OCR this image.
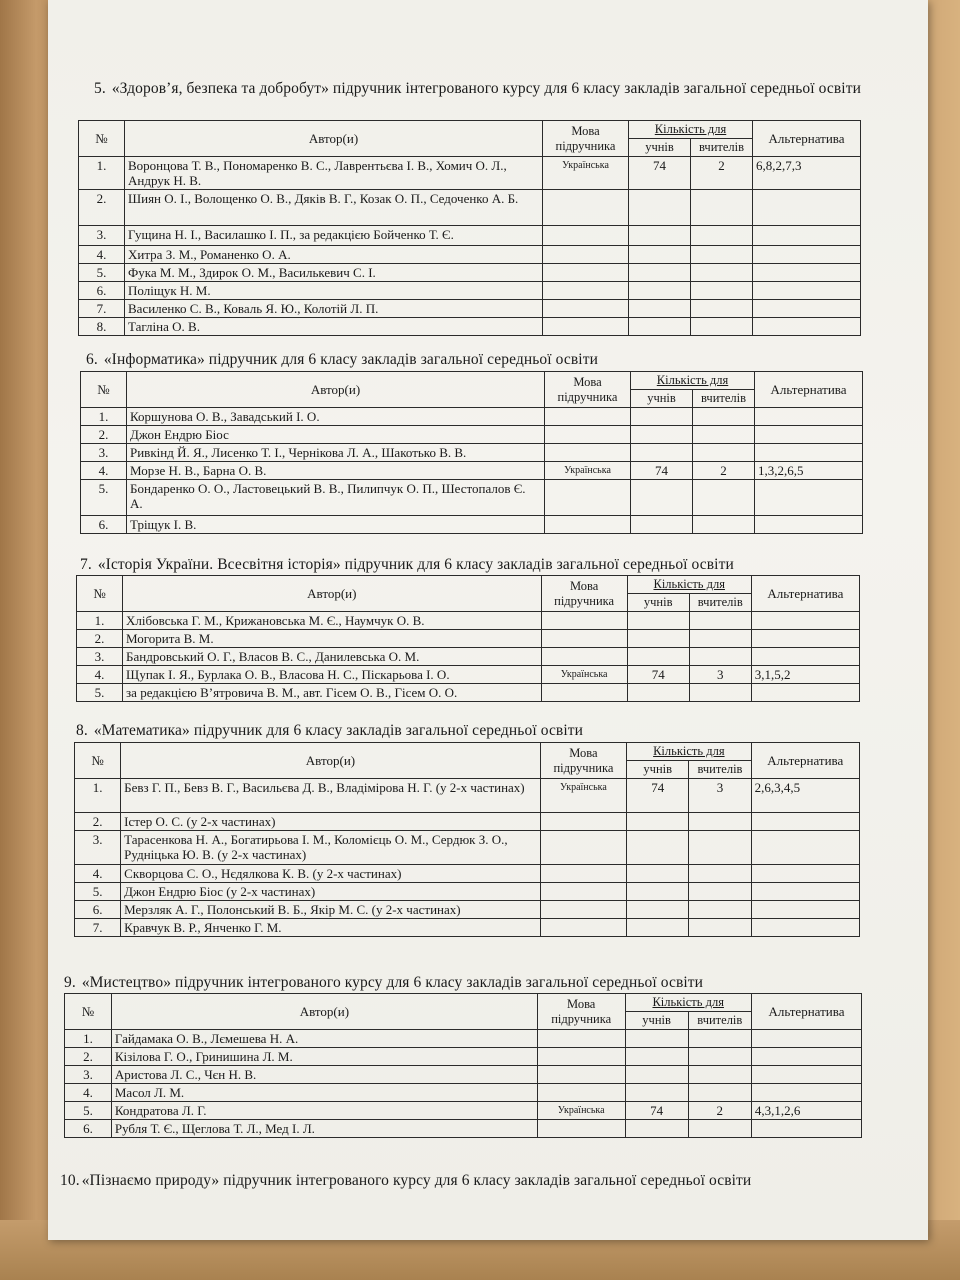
5. «Здоров’я, безпека та добробут» підручник інтегрованого курсу для 6 класу закладів загальної середньої освіти
№	Автор(и)	Мова підручника	Кількість для		Альтернатива
			учнів	вчителів	
1.	Воронцова Т. В., Пономаренко В. С., Лаврентьєва І. В., Хомич О. Л., Андрук Н. В.	Українська	74	2	6,8,2,7,3
2.	Шиян О. І., Волощенко О. В., Дяків В. Г., Козак О. П., Седоченко А. Б.				
3.	Гущина Н. І., Василашко І. П., за редакцією Бойченко Т. Є.				
4.	Хитра З. М., Романенко О. А.				
5.	Фука М. М., Здирок О. М., Василькевич С. І.				
6.	Поліщук Н. М.				
7.	Василенко С. В., Коваль Я. Ю., Колотій Л. П.				
8.	Тагліна О. В.				
6. «Інформатика» підручник для 6 класу закладів загальної середньої освіти
№	Автор(и)	Мова підручника	Кількість для		Альтернатива
			учнів	вчителів	
1.	Коршунова О. В., Завадський І. О.				
2.	Джон Ендрю Біос				
3.	Ривкінд Й. Я., Лисенко Т. І., Чернікова Л. А., Шакотько В. В.				
4.	Морзе Н. В., Барна О. В.	Українська	74	2	1,3,2,6,5
5.	Бондаренко О. О., Ластовецький В. В., Пилипчук О. П., Шестопалов Є. А.				
6.	Тріщук І. В.				
7. «Історія України. Всесвітня історія» підручник для 6 класу закладів загальної середньої освіти
№	Автор(и)	Мова підручника	Кількість для		Альтернатива
			учнів	вчителів	
1.	Хлібовська Г. М., Крижановська М. Є., Наумчук О. В.				
2.	Могорита В. М.				
3.	Бандровський О. Г., Власов В. С., Данилевська О. М.				
4.	Щупак І. Я., Бурлака О. В., Власова Н. С., Піскарьова І. О.	Українська	74	3	3,1,5,2
5.	за редакцією В’ятровича В. М., авт. Гісем О. В., Гісем О. О.				
8. «Математика» підручник для 6 класу закладів загальної середньої освіти
№	Автор(и)	Мова підручника	Кількість для		Альтернатива
			учнів	вчителів	
1.	Бевз Г. П., Бевз В. Г., Васильєва Д. В., Владімірова Н. Г. (у 2-х частинах)	Українська	74	3	2,6,3,4,5
2.	Істер О. С. (у 2-х частинах)				
3.	Тарасенкова Н. А., Богатирьова І. М., Коломієць О. М., Сердюк З. О., Рудніцька Ю. В. (у 2-х частинах)				
4.	Скворцова С. О., Нєдялкова К. В. (у 2-х частинах)				
5.	Джон Ендрю Біос (у 2-х частинах)				
6.	Мерзляк А. Г., Полонський В. Б., Якір М. С. (у 2-х частинах)				
7.	Кравчук В. Р., Янченко Г. М.				
9. «Мистецтво» підручник інтегрованого курсу для 6 класу закладів загальної середньої освіти
№	Автор(и)	Мова підручника	Кількість для		Альтернатива
			учнів	вчителів	
1.	Гайдамака О. В., Лємешева Н. А.				
2.	Кізілова Г. О., Гринишина Л. М.				
3.	Аристова Л. С., Чєн Н. В.				
4.	Масол Л. М.				
5.	Кондратова Л. Г.	Українська	74	2	4,3,1,2,6
6.	Рубля Т. Є., Щеглова Т. Л., Мед І. Л.				
10. «Пізнаємо природу» підручник інтегрованого курсу для 6 класу закладів загальної середньої освіти
